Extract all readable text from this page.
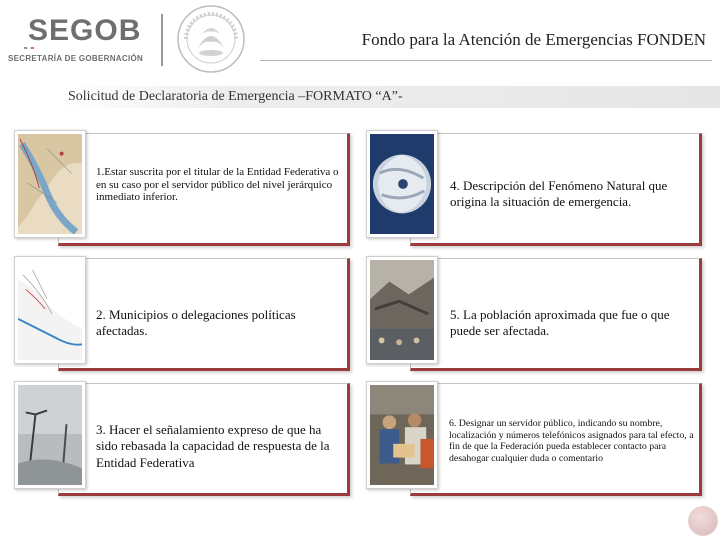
SEGOB
SECRETARÍA DE GOBERNACIÓN
Fondo para la Atención de Emergencias FONDEN
Solicitud de Declaratoria de Emergencia –FORMATO “A”-
1.Estar suscrita por el titular de la Entidad Federativa o en su caso por el servidor público del nivel jerárquico inmediato inferior.
4. Descripción del Fenómeno Natural que origina la situación de emergencia.
2. Municipios o delegaciones políticas afectadas.
5. La población aproximada que fue o que puede ser afectada.
3. Hacer el señalamiento expreso de que ha sido rebasada la capacidad de respuesta de la Entidad Federativa
6. Designar un servidor público, indicando su nombre, localización y números telefónicos asignados para tal efecto, a fin de que la Federación pueda establecer contacto para desahogar cualquier duda o comentario
